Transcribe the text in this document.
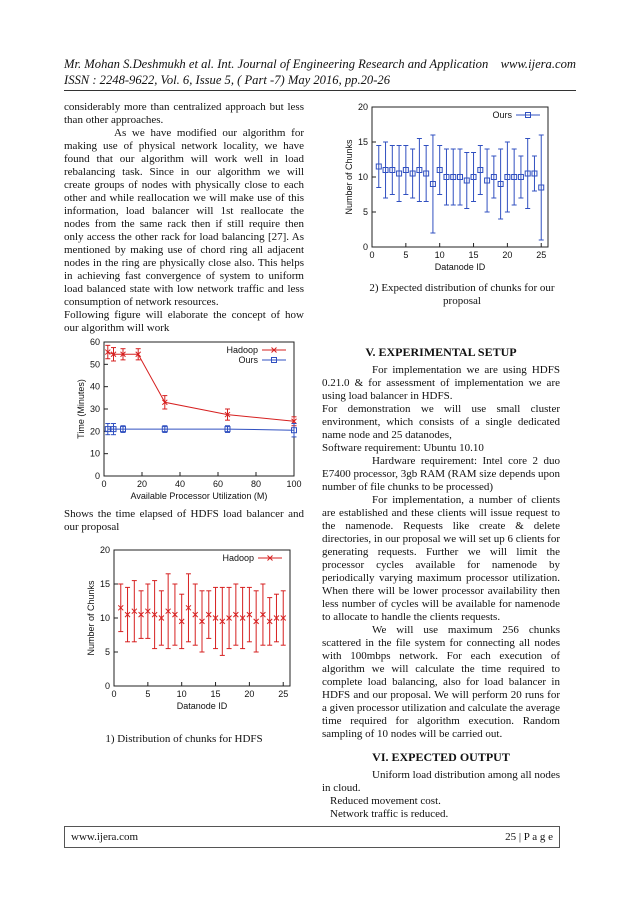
Mr. Mohan S.Deshmukh et al. Int. Journal of Engineering Research and Application www.ijera.com
ISSN : 2248-9622, Vol. 6, Issue 5, ( Part -7) May 2016, pp.20-26

considerably more than centralized approach but less than other approaches.

As we have modified our algorithm for making use of physical network locality, we have found that our algorithm will work well in load rebalancing task. Since in our algorithm we will create groups of nodes with physically close to each other and while reallocation we will make use of this information, load balancer will 1st reallocate the nodes from the same rack then if still require then only access the other rack for load balancing [27]. As mentioned by making use of chord ring all adjacent nodes in the ring are physically close also. This helps in achieving fast convergence of system to uniform load balanced state with low network traffic and less consumption of network resources.

Following figure will elaborate the concept of how our algorithm will work

0	20	40	60	80	100
0
10
20
30
40
50
60
Available Processor Utilization (M)
Time (Minutes)
Hadoop
Ours

Shows the time elapsed of HDFS load balancer and our proposal

0	5	10	15	20	25
0
5
10
15
20
Datanode ID
Number of Chunks
Hadoop
1) Distribution of chunks for HDFS
0	5	10	15	20	25
0
5
10
15
20
Datanode ID
Number of Chunks
Ours
2) Expected distribution of chunks for our proposal
V. EXPERIMENTAL SETUP

For implementation we are using HDFS 0.21.0 & for assessment of implementation we are using load balancer in HDFS.

For demonstration we will use small cluster environment, which consists of a single dedicated name node and 25 datanodes,

Software requirement: Ubuntu 10.10

Hardware requirement: Intel core 2 duo E7400 processor, 3gb RAM (RAM size depends upon number of file chunks to be processed)

For implementation, a number of clients are established and these clients will issue request to the namenode. Requests like create & delete directories, in our proposal we will set up 6 clients for generating requests. Further we will limit the processor cycles available for namenode by periodically varying maximum processor utilization. When there will be lower processor availability then less number of cycles will be available for namenode to allocate to handle the clients requests.

We will use maximum 256 chunks scattered in the file system for connecting all nodes with 100mbps network. For each execution of algorithm we will calculate the time required to complete load balancing, also for load balancer in HDFS and our proposal. We will perform 20 runs for a given processor utilization and calculate the average time required for algorithm execution. Random sampling of 10 nodes will be carried out.

VI. EXPECTED OUTPUT

Uniform load distribution among all nodes in cloud.

Reduced movement cost.

Network traffic is reduced.

www.ijera.com	25 | P a g e
